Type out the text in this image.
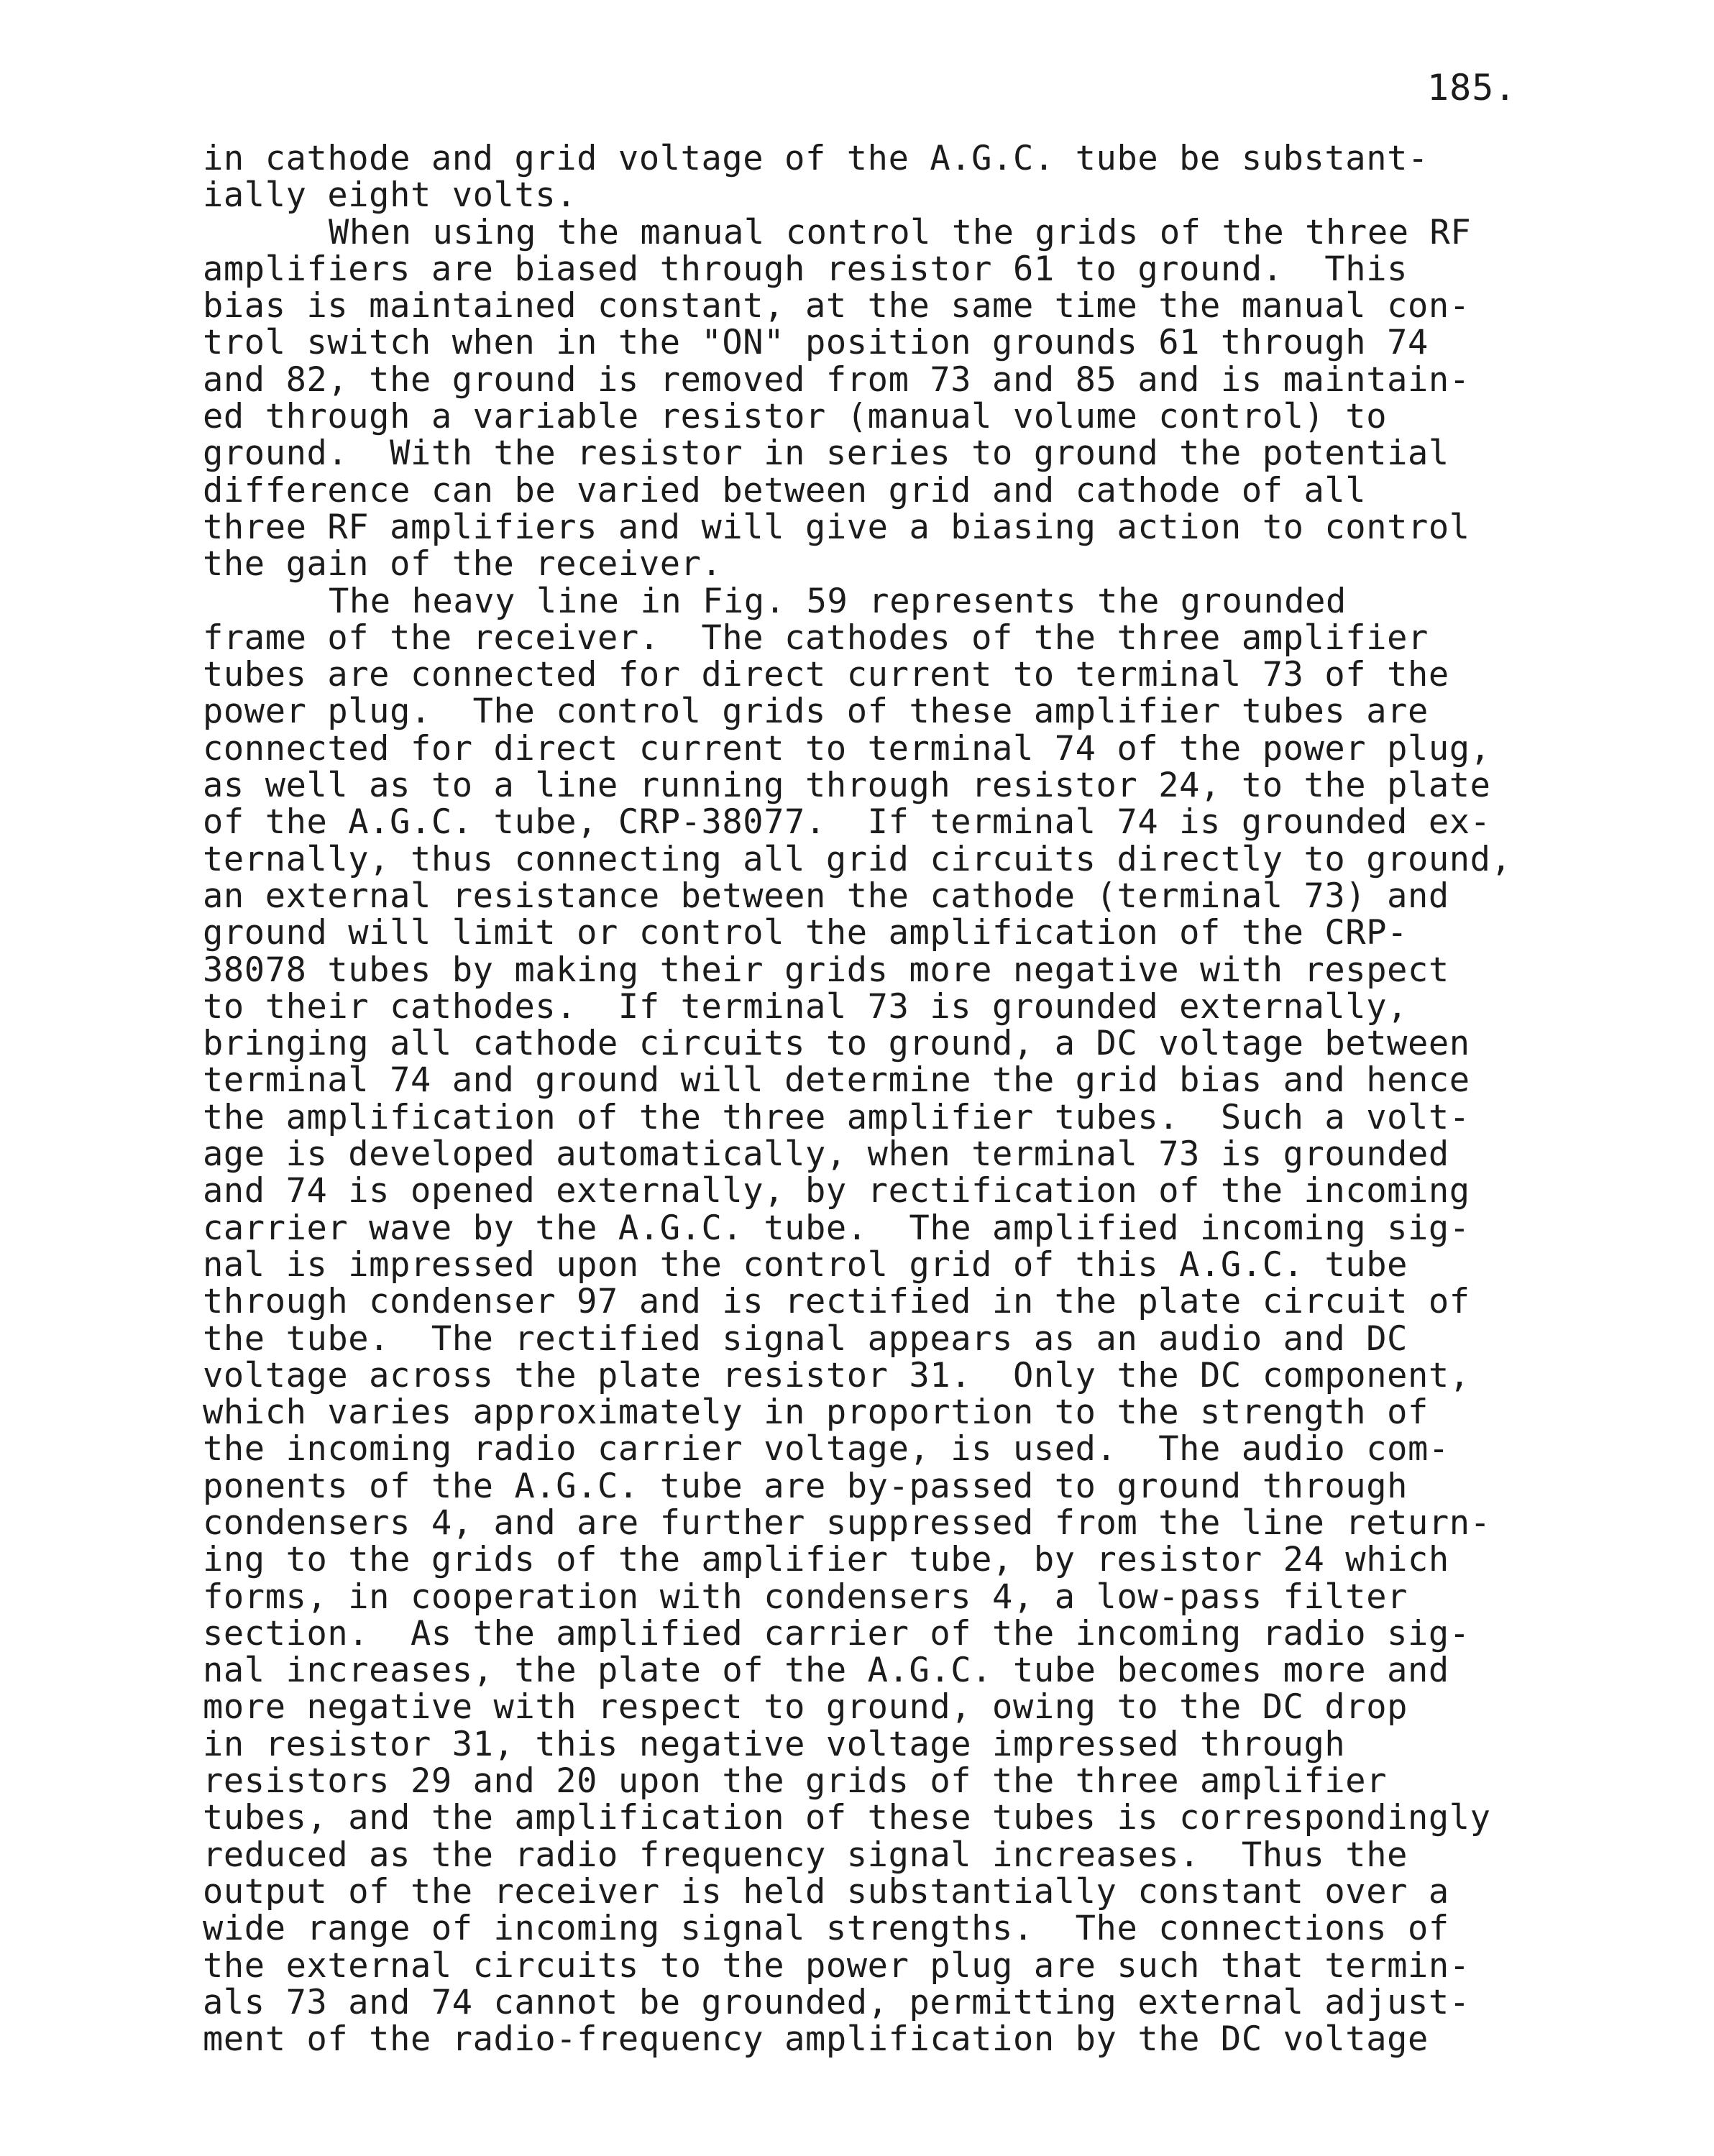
185.
in cathode and grid voltage of the A.G.C. tube be substant-
ially eight volts.
When using the manual control the grids of the three RF
amplifiers are biased through resistor 61 to ground.  This
bias is maintained constant, at the same time the manual con-
trol switch when in the "ON" position grounds 61 through 74
and 82, the ground is removed from 73 and 85 and is maintain-
ed through a variable resistor (manual volume control) to
ground.  With the resistor in series to ground the potential
difference can be varied between grid and cathode of all
three RF amplifiers and will give a biasing action to control
the gain of the receiver.
The heavy line in Fig. 59 represents the grounded
frame of the receiver.  The cathodes of the three amplifier
tubes are connected for direct current to terminal 73 of the
power plug.  The control grids of these amplifier tubes are
connected for direct current to terminal 74 of the power plug,
as well as to a line running through resistor 24, to the plate
of the A.G.C. tube, CRP-38077.  If terminal 74 is grounded ex-
ternally, thus connecting all grid circuits directly to ground,
an external resistance between the cathode (terminal 73) and
ground will limit or control the amplification of the CRP-
38078 tubes by making their grids more negative with respect
to their cathodes.  If terminal 73 is grounded externally,
bringing all cathode circuits to ground, a DC voltage between
terminal 74 and ground will determine the grid bias and hence
the amplification of the three amplifier tubes.  Such a volt-
age is developed automatically, when terminal 73 is grounded
and 74 is opened externally, by rectification of the incoming
carrier wave by the A.G.C. tube.  The amplified incoming sig-
nal is impressed upon the control grid of this A.G.C. tube
through condenser 97 and is rectified in the plate circuit of
the tube.  The rectified signal appears as an audio and DC
voltage across the plate resistor 31.  Only the DC component,
which varies approximately in proportion to the strength of
the incoming radio carrier voltage, is used.  The audio com-
ponents of the A.G.C. tube are by-passed to ground through
condensers 4, and are further suppressed from the line return-
ing to the grids of the amplifier tube, by resistor 24 which
forms, in cooperation with condensers 4, a low-pass filter
section.  As the amplified carrier of the incoming radio sig-
nal increases, the plate of the A.G.C. tube becomes more and
more negative with respect to ground, owing to the DC drop
in resistor 31, this negative voltage impressed through
resistors 29 and 20 upon the grids of the three amplifier
tubes, and the amplification of these tubes is correspondingly
reduced as the radio frequency signal increases.  Thus the
output of the receiver is held substantially constant over a
wide range of incoming signal strengths.  The connections of
the external circuits to the power plug are such that termin-
als 73 and 74 cannot be grounded, permitting external adjust-
ment of the radio-frequency amplification by the DC voltage
